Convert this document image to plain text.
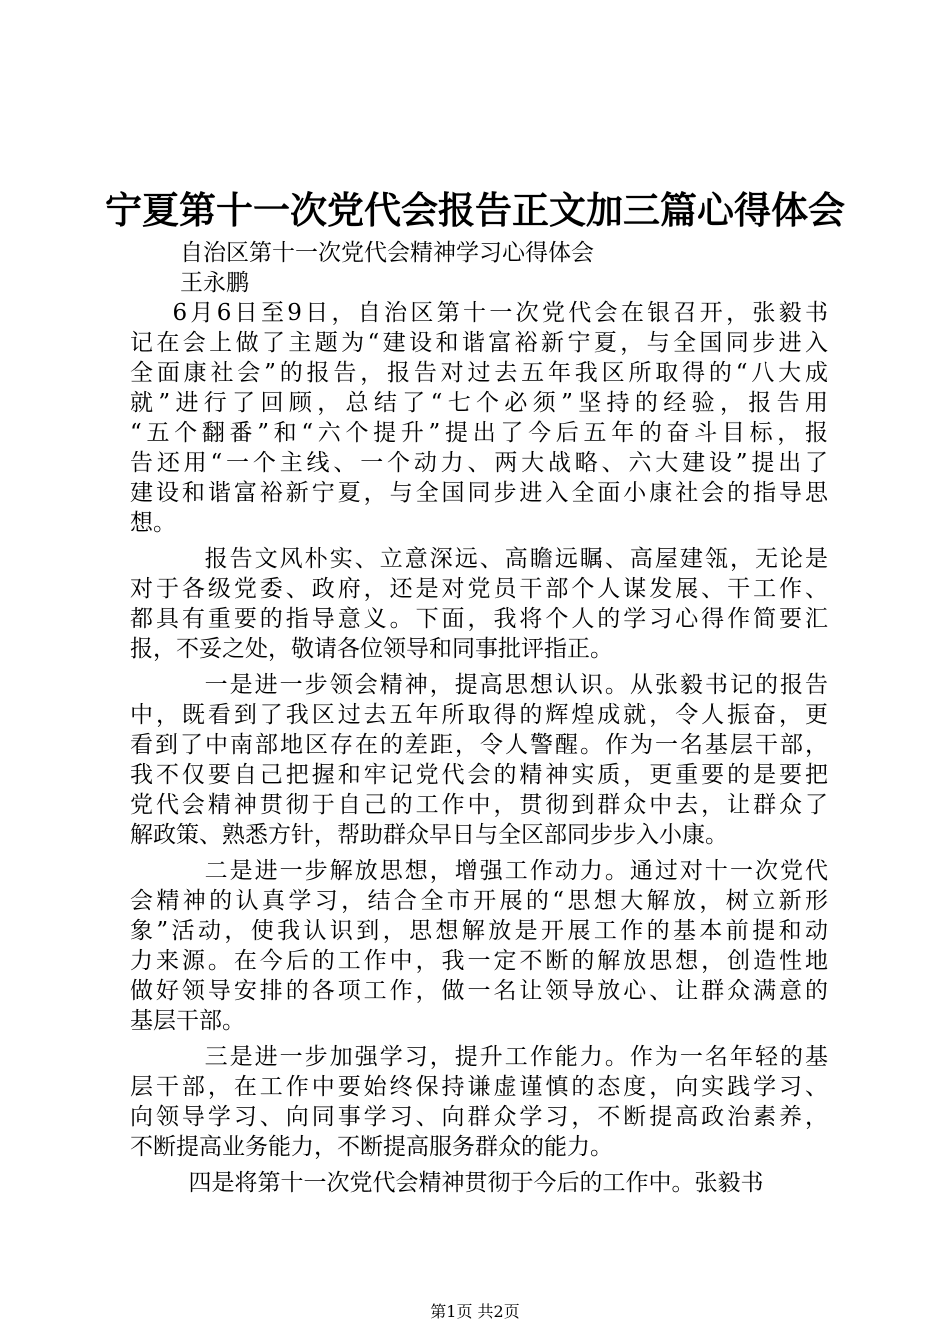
宁夏第十一次党代会报告正文加三篇心得体会
自治区第十一次党代会精神学习心得体会
王永鹏
6月6日至9日，自治区第十一次党代会在银召开，张毅书
记在会上做了主题为“建设和谐富裕新宁夏，与全国同步进入
全面康社会”的报告，报告对过去五年我区所取得的“八大成
就”进行了回顾，总结了“七个必须”坚持的经验，报告用
“五个翻番”和“六个提升”提出了今后五年的奋斗目标，报
告还用“一个主线、一个动力、两大战略、六大建设”提出了
建设和谐富裕新宁夏，与全国同步进入全面小康社会的指导思
想。
报告文风朴实、立意深远、高瞻远瞩、高屋建瓴，无论是
对于各级党委、政府，还是对党员干部个人谋发展、干工作、
都具有重要的指导意义。下面，我将个人的学习心得作简要汇
报，不妥之处，敬请各位领导和同事批评指正。
一是进一步领会精神，提高思想认识。从张毅书记的报告
中，既看到了我区过去五年所取得的辉煌成就，令人振奋，更
看到了中南部地区存在的差距，令人警醒。作为一名基层干部，
我不仅要自己把握和牢记党代会的精神实质，更重要的是要把
党代会精神贯彻于自己的工作中，贯彻到群众中去，让群众了
解政策、熟悉方针，帮助群众早日与全区部同步步入小康。
二是进一步解放思想，增强工作动力。通过对十一次党代
会精神的认真学习，结合全市开展的“思想大解放，树立新形
象”活动，使我认识到，思想解放是开展工作的基本前提和动
力来源。在今后的工作中，我一定不断的解放思想，创造性地
做好领导安排的各项工作，做一名让领导放心、让群众满意的
基层干部。
三是进一步加强学习，提升工作能力。作为一名年轻的基
层干部，在工作中要始终保持谦虚谨慎的态度，向实践学习、
向领导学习、向同事学习、向群众学习，不断提高政治素养，
不断提高业务能力，不断提高服务群众的能力。
四是将第十一次党代会精神贯彻于今后的工作中。张毅书
第1页 共2页
